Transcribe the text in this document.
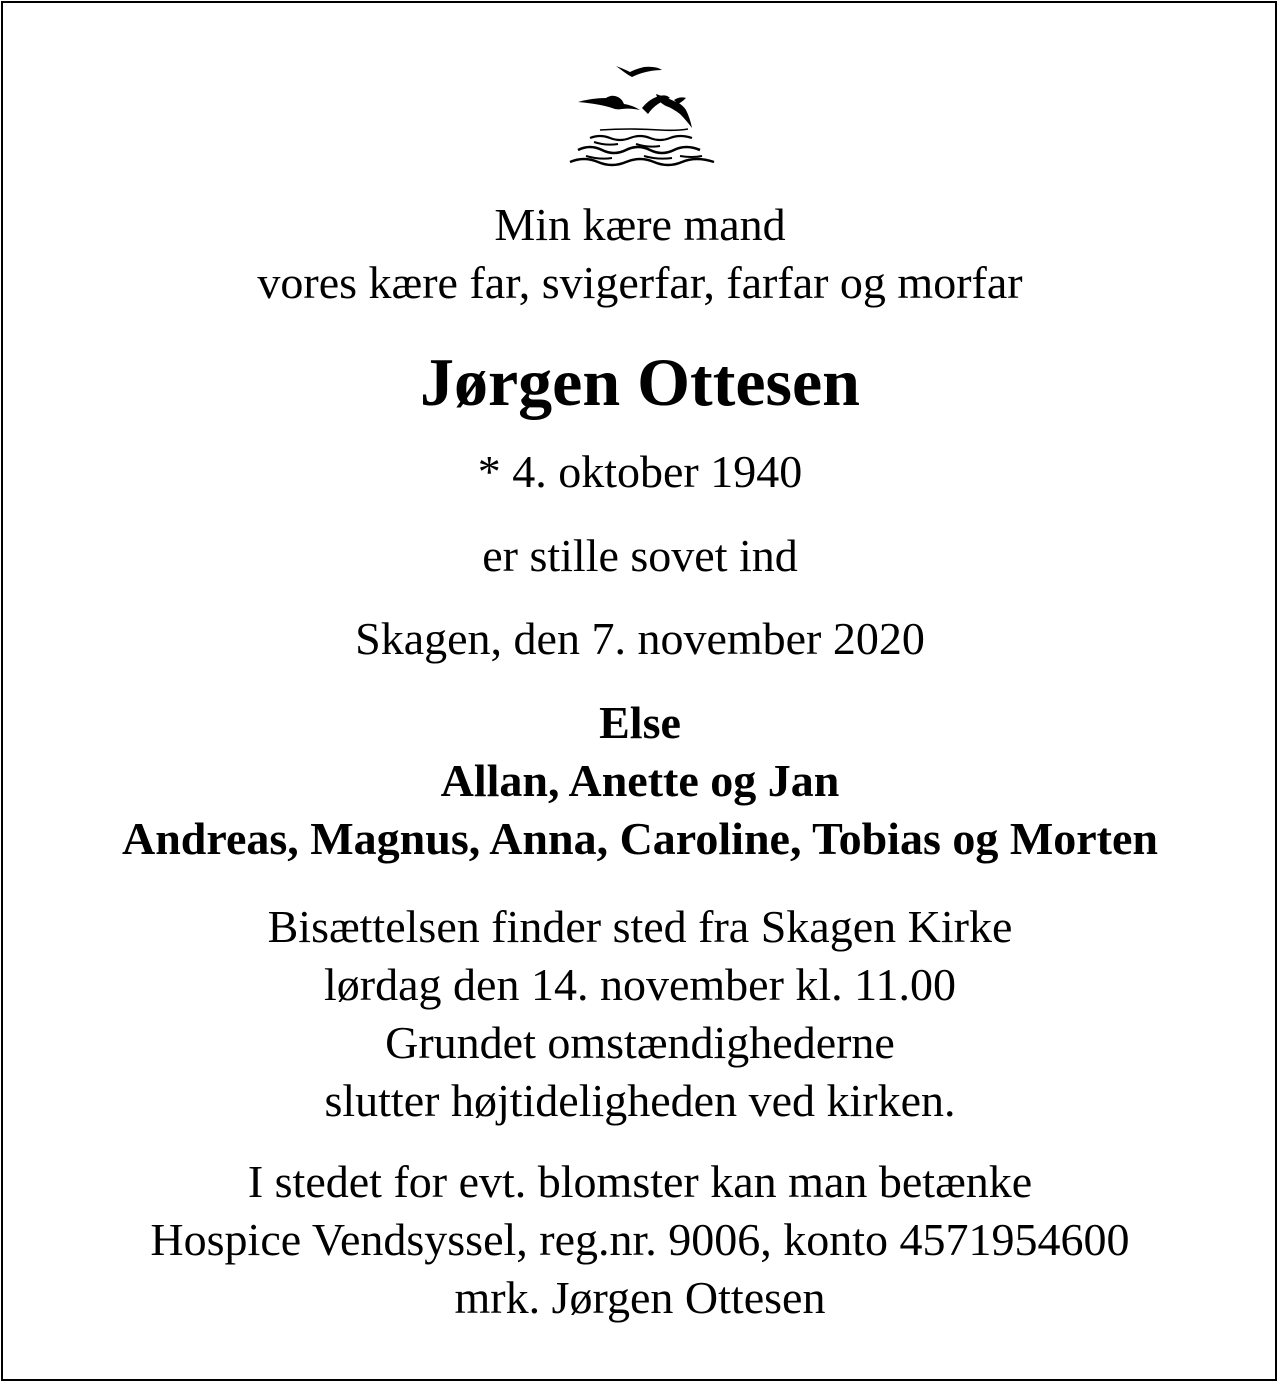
Min kære mand
vores kære far, svigerfar, farfar og morfar
Jørgen Ottesen
* 4. oktober 1940
er stille sovet ind
Skagen, den 7. november 2020
Else
Allan, Anette og Jan
Andreas, Magnus, Anna, Caroline, Tobias og Morten
Bisættelsen finder sted fra Skagen Kirke
lørdag den 14. november kl. 11.00
Grundet omstændighederne
slutter højtideligheden ved kirken.
I stedet for evt. blomster kan man betænke
Hospice Vendsyssel, reg.nr. 9006, konto 4571954600
mrk. Jørgen Ottesen
